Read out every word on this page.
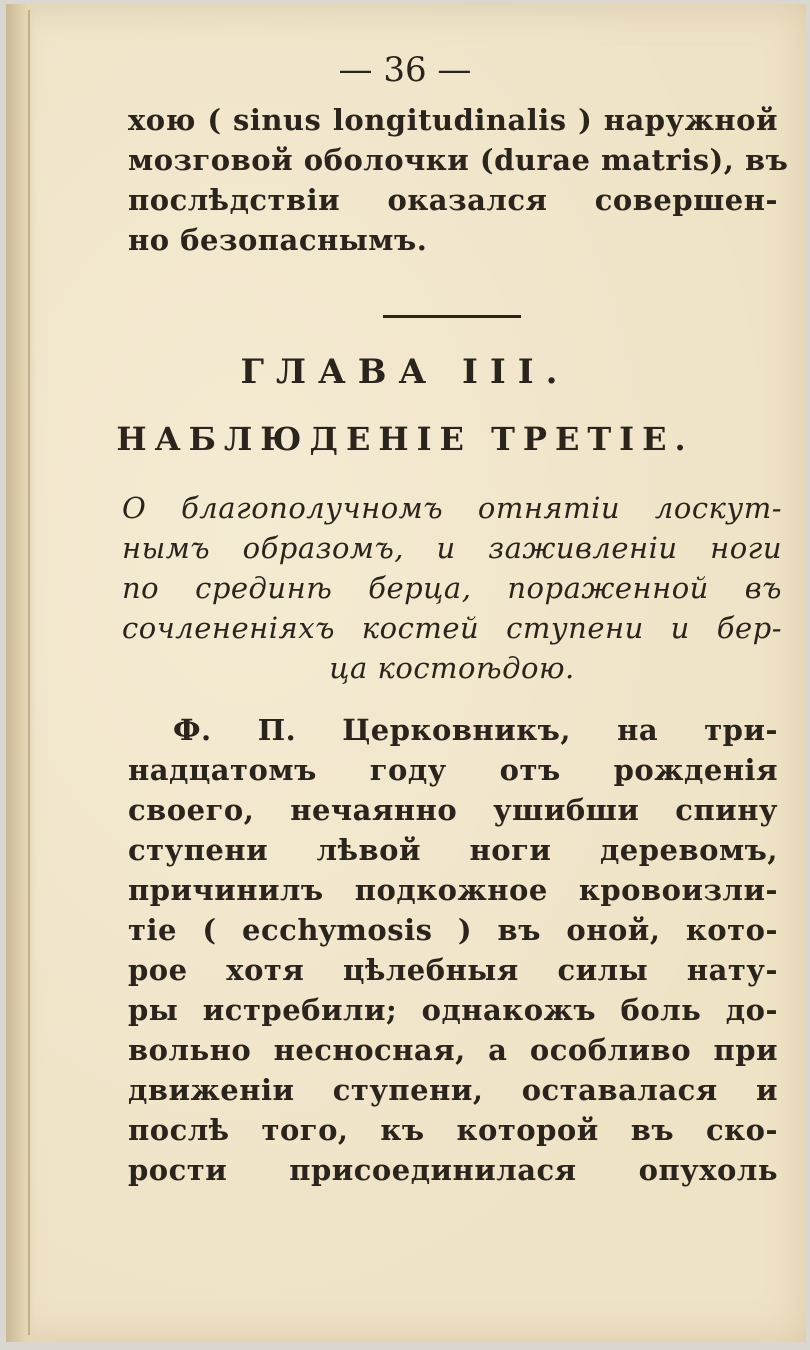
— 36 —
хою ( sinus longitudinalis ) наружной
мозговой оболочки (durae matris), въ
послѣдствіи оказался совершен-
но безопаснымъ.
ГЛАВА III.
НАБЛЮДЕНІЕ ТРЕТІЕ.
О благополучномъ отнятіи лоскут-
нымъ образомъ, и заживленіи ноги
по срединѣ берца, пораженной въ
сочлененіяхъ костей ступени и бер-
ца костоѣдою.
Ф. П. Церковникъ, на три-
надцатомъ году отъ рожденія
своего, нечаянно ушибши спину
ступени лѣвой ноги деревомъ,
причинилъ подкожное кровоизли-
тіе ( ecchymosis ) въ оной, кото-
рое хотя цѣлебныя силы нату-
ры истребили; однакожъ боль до-
вольно несносная, а особливо при
движеніи ступени, оставалася и
послѣ того, къ которой въ ско-
рости присоединилася опухоль
